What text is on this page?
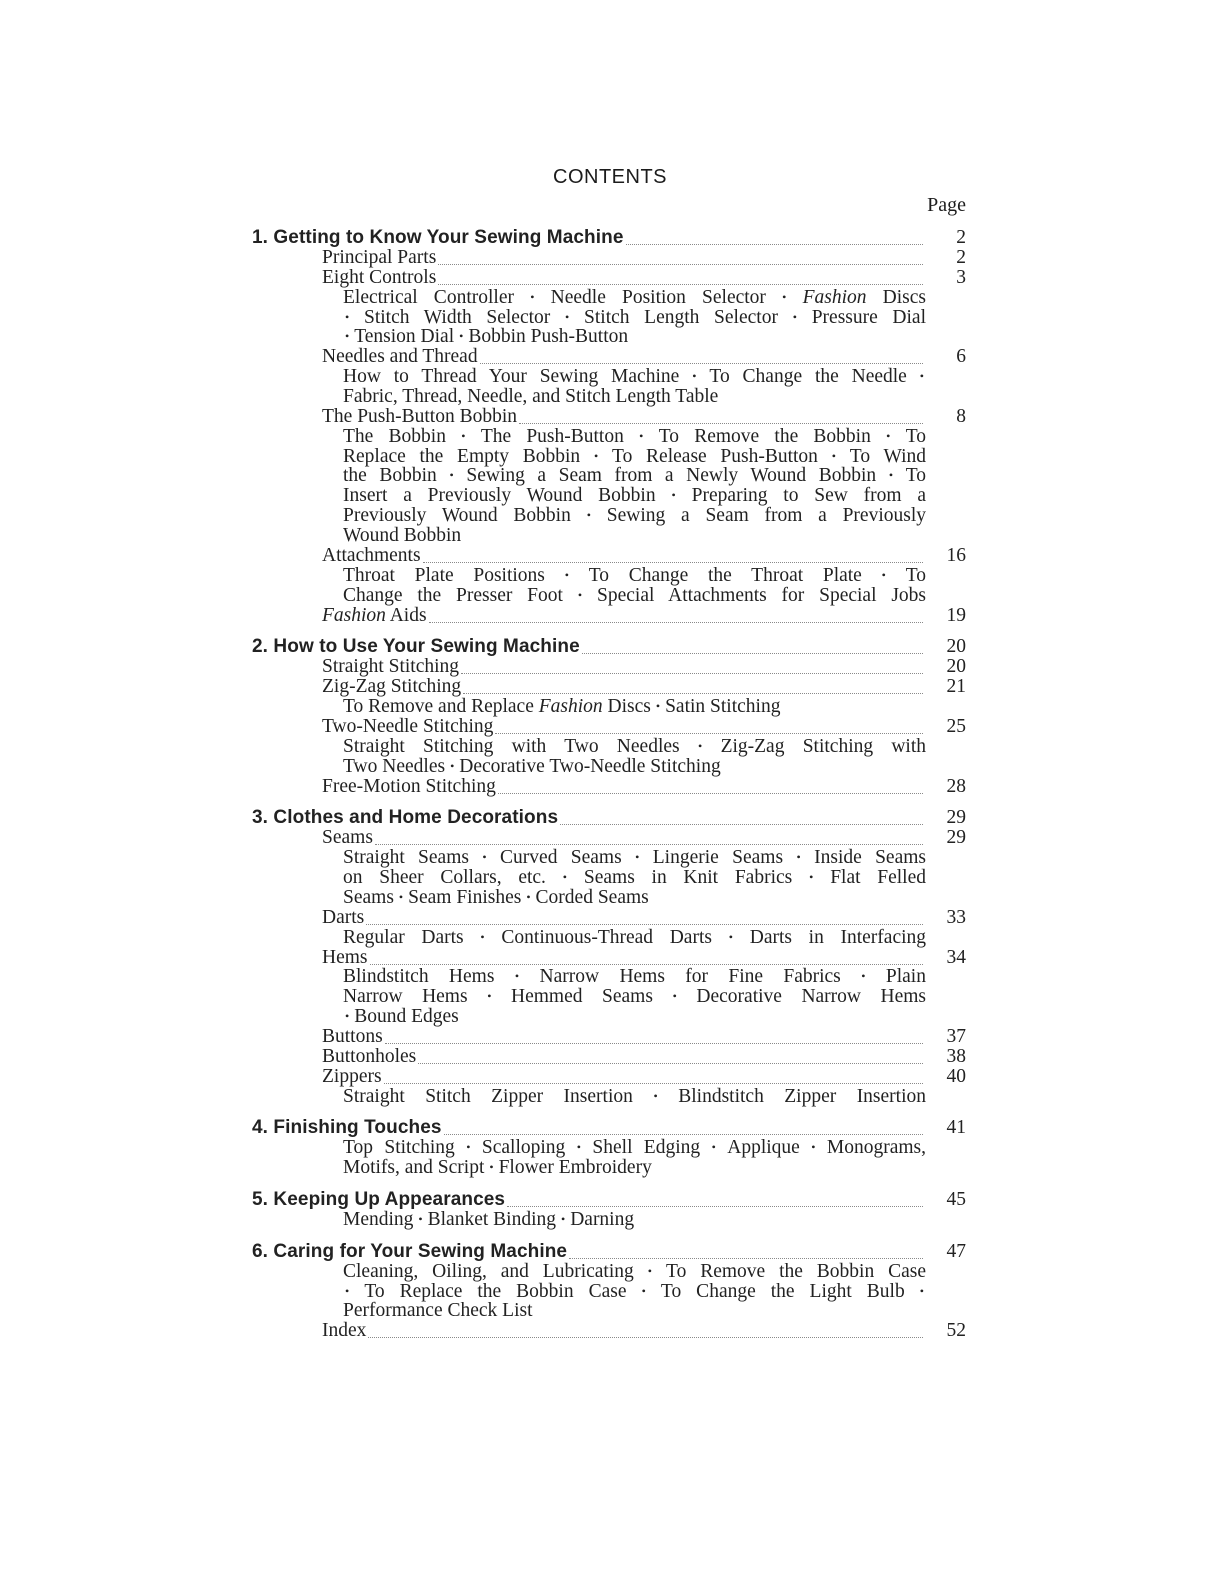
CONTENTS
Page
1. Getting to Know Your Sewing Machine	2
Principal Parts	2
Eight Controls	3
Electrical Controller • Needle Position Selector • Fashion Discs
• Stitch Width Selector • Stitch Length Selector • Pressure Dial
• Tension Dial • Bobbin Push-Button
Needles and Thread	6
How to Thread Your Sewing Machine • To Change the Needle •
Fabric, Thread, Needle, and Stitch Length Table
The Push-Button Bobbin	8
The Bobbin • The Push-Button • To Remove the Bobbin • To
Replace the Empty Bobbin • To Release Push-Button • To Wind
the Bobbin • Sewing a Seam from a Newly Wound Bobbin • To
Insert a Previously Wound Bobbin • Preparing to Sew from a
Previously Wound Bobbin • Sewing a Seam from a Previously
Wound Bobbin
Attachments	16
Throat Plate Positions • To Change the Throat Plate • To
Change the Presser Foot • Special Attachments for Special Jobs
Fashion Aids	19
2. How to Use Your Sewing Machine	20
Straight Stitching	20
Zig-Zag Stitching	21
To Remove and Replace Fashion Discs • Satin Stitching
Two-Needle Stitching	25
Straight Stitching with Two Needles • Zig-Zag Stitching with
Two Needles • Decorative Two-Needle Stitching
Free-Motion Stitching	28
3. Clothes and Home Decorations	29
Seams	29
Straight Seams • Curved Seams • Lingerie Seams • Inside Seams
on Sheer Collars, etc. • Seams in Knit Fabrics • Flat Felled
Seams • Seam Finishes • Corded Seams
Darts	33
Regular Darts • Continuous-Thread Darts • Darts in Interfacing
Hems	34
Blindstitch Hems • Narrow Hems for Fine Fabrics • Plain
Narrow Hems • Hemmed Seams • Decorative Narrow Hems
• Bound Edges
Buttons	37
Buttonholes	38
Zippers	40
Straight Stitch Zipper Insertion • Blindstitch Zipper Insertion
4. Finishing Touches	41
Top Stitching • Scalloping • Shell Edging • Applique • Monograms,
Motifs, and Script • Flower Embroidery
5. Keeping Up Appearances	45
Mending • Blanket Binding • Darning
6. Caring for Your Sewing Machine	47
Cleaning, Oiling, and Lubricating • To Remove the Bobbin Case
• To Replace the Bobbin Case • To Change the Light Bulb •
Performance Check List
Index	52
